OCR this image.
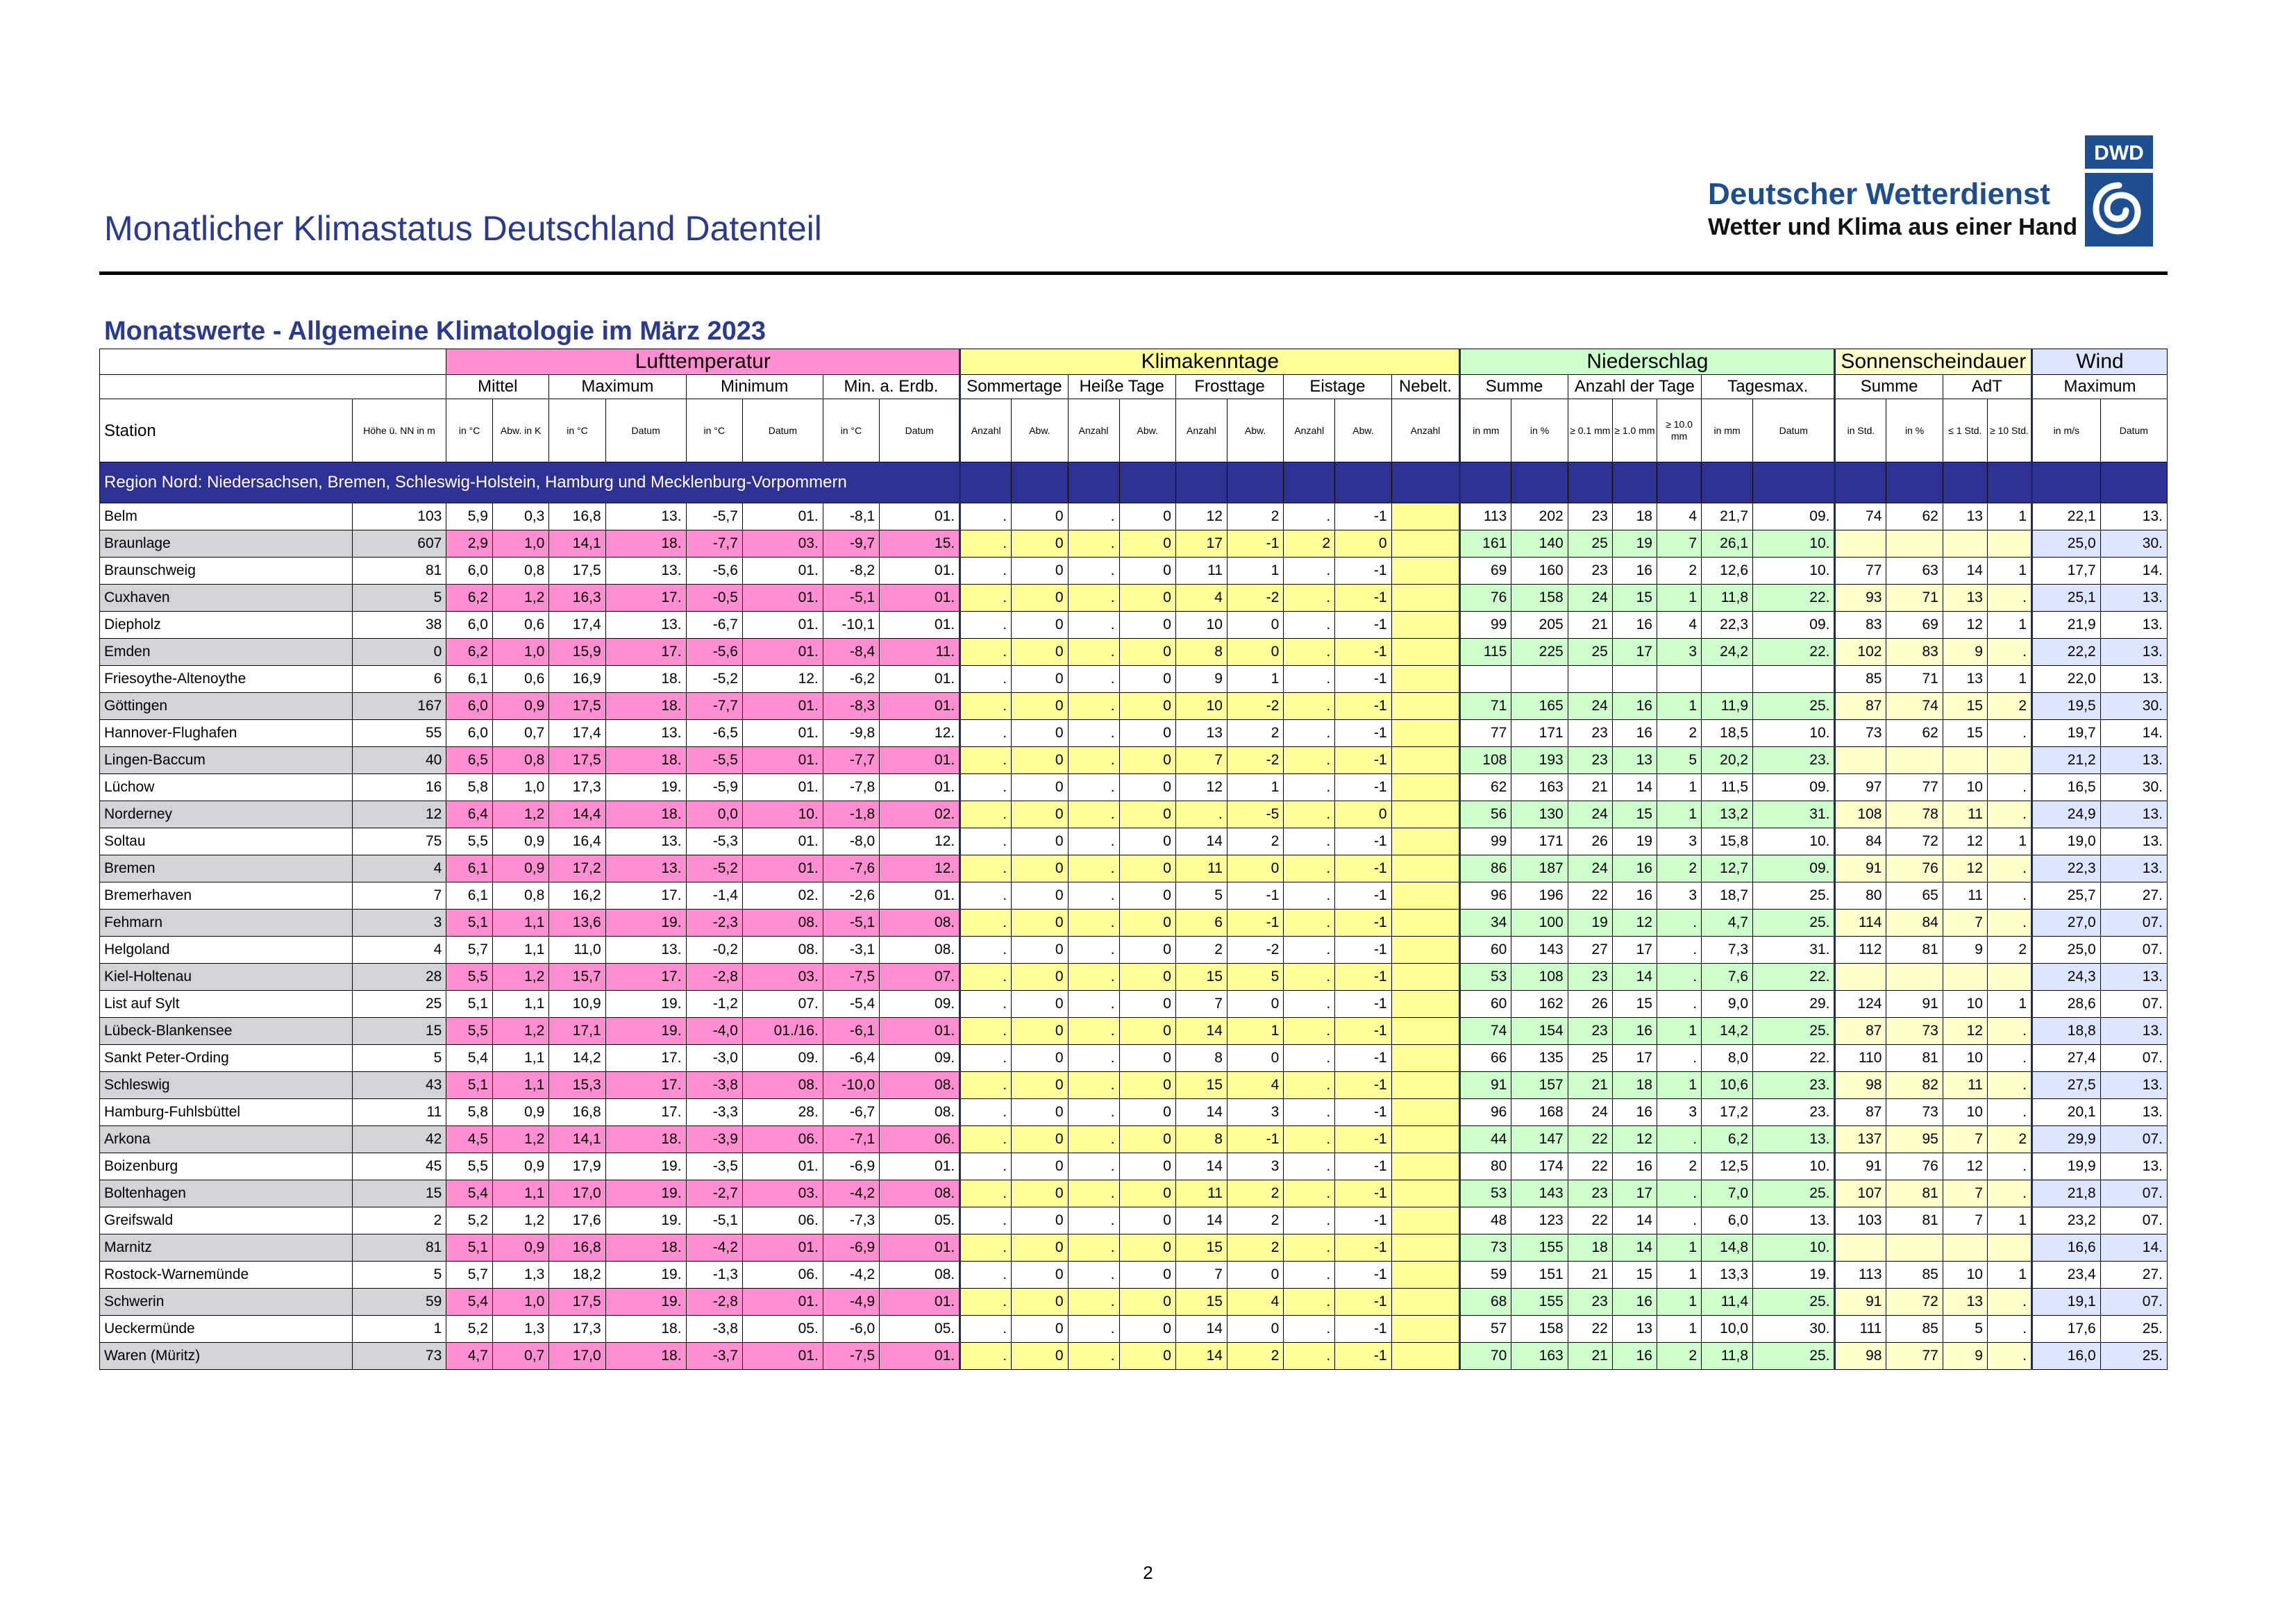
Monatlicher Klimastatus Deutschland Datenteil
Deutscher Wetterdienst
Wetter und Klima aus einer Hand
DWD
Monatswerte - Allgemeine Klimatologie im März 2023
		Lufttemperatur								Klimakenntage									Niederschlag							Sonnenscheindauer				Wind	
		Mittel		Maximum		Minimum		Min. a. Erdb.		Sommertage		Heiße Tage		Frosttage		Eistage		Nebelt.	Summe		Anzahl der Tage			Tagesmax.		Summe		AdT		Maximum	
Station	Höhe ü. NN in m	in °C	Abw. in K	in °C	Datum	in °C	Datum	in °C	Datum	Anzahl	Abw.	Anzahl	Abw.	Anzahl	Abw.	Anzahl	Abw.	Anzahl	in mm	in %	≥ 0.1 mm	≥ 1.0 mm	≥ 10.0 mm	in mm	Datum	in Std.	in %	≤ 1 Std.	≥ 10 Std.	in m/s	Datum
Region Nord: Niedersachsen, Bremen, Schleswig-Holstein, Hamburg und Mecklenburg-Vorpommern																															
Belm	103	5,9	0,3	16,8	13.	-5,7	01.	-8,1	01.	.	0	.	0	12	2	.	-1		113	202	23	18	4	21,7	09.	74	62	13	1	22,1	13.
Braunlage	607	2,9	1,0	14,1	18.	-7,7	03.	-9,7	15.	.	0	.	0	17	-1	2	0		161	140	25	19	7	26,1	10.					25,0	30.
Braunschweig	81	6,0	0,8	17,5	13.	-5,6	01.	-8,2	01.	.	0	.	0	11	1	.	-1		69	160	23	16	2	12,6	10.	77	63	14	1	17,7	14.
Cuxhaven	5	6,2	1,2	16,3	17.	-0,5	01.	-5,1	01.	.	0	.	0	4	-2	.	-1		76	158	24	15	1	11,8	22.	93	71	13	.	25,1	13.
Diepholz	38	6,0	0,6	17,4	13.	-6,7	01.	-10,1	01.	.	0	.	0	10	0	.	-1		99	205	21	16	4	22,3	09.	83	69	12	1	21,9	13.
Emden	0	6,2	1,0	15,9	17.	-5,6	01.	-8,4	11.	.	0	.	0	8	0	.	-1		115	225	25	17	3	24,2	22.	102	83	9	.	22,2	13.
Friesoythe-Altenoythe	6	6,1	0,6	16,9	18.	-5,2	12.	-6,2	01.	.	0	.	0	9	1	.	-1									85	71	13	1	22,0	13.
Göttingen	167	6,0	0,9	17,5	18.	-7,7	01.	-8,3	01.	.	0	.	0	10	-2	.	-1		71	165	24	16	1	11,9	25.	87	74	15	2	19,5	30.
Hannover-Flughafen	55	6,0	0,7	17,4	13.	-6,5	01.	-9,8	12.	.	0	.	0	13	2	.	-1		77	171	23	16	2	18,5	10.	73	62	15	.	19,7	14.
Lingen-Baccum	40	6,5	0,8	17,5	18.	-5,5	01.	-7,7	01.	.	0	.	0	7	-2	.	-1		108	193	23	13	5	20,2	23.					21,2	13.
Lüchow	16	5,8	1,0	17,3	19.	-5,9	01.	-7,8	01.	.	0	.	0	12	1	.	-1		62	163	21	14	1	11,5	09.	97	77	10	.	16,5	30.
Norderney	12	6,4	1,2	14,4	18.	0,0	10.	-1,8	02.	.	0	.	0	.	-5	.	0		56	130	24	15	1	13,2	31.	108	78	11	.	24,9	13.
Soltau	75	5,5	0,9	16,4	13.	-5,3	01.	-8,0	12.	.	0	.	0	14	2	.	-1		99	171	26	19	3	15,8	10.	84	72	12	1	19,0	13.
Bremen	4	6,1	0,9	17,2	13.	-5,2	01.	-7,6	12.	.	0	.	0	11	0	.	-1		86	187	24	16	2	12,7	09.	91	76	12	.	22,3	13.
Bremerhaven	7	6,1	0,8	16,2	17.	-1,4	02.	-2,6	01.	.	0	.	0	5	-1	.	-1		96	196	22	16	3	18,7	25.	80	65	11	.	25,7	27.
Fehmarn	3	5,1	1,1	13,6	19.	-2,3	08.	-5,1	08.	.	0	.	0	6	-1	.	-1		34	100	19	12	.	4,7	25.	114	84	7	.	27,0	07.
Helgoland	4	5,7	1,1	11,0	13.	-0,2	08.	-3,1	08.	.	0	.	0	2	-2	.	-1		60	143	27	17	.	7,3	31.	112	81	9	2	25,0	07.
Kiel-Holtenau	28	5,5	1,2	15,7	17.	-2,8	03.	-7,5	07.	.	0	.	0	15	5	.	-1		53	108	23	14	.	7,6	22.					24,3	13.
List auf Sylt	25	5,1	1,1	10,9	19.	-1,2	07.	-5,4	09.	.	0	.	0	7	0	.	-1		60	162	26	15	.	9,0	29.	124	91	10	1	28,6	07.
Lübeck-Blankensee	15	5,5	1,2	17,1	19.	-4,0	01./16.	-6,1	01.	.	0	.	0	14	1	.	-1		74	154	23	16	1	14,2	25.	87	73	12	.	18,8	13.
Sankt Peter-Ording	5	5,4	1,1	14,2	17.	-3,0	09.	-6,4	09.	.	0	.	0	8	0	.	-1		66	135	25	17	.	8,0	22.	110	81	10	.	27,4	07.
Schleswig	43	5,1	1,1	15,3	17.	-3,8	08.	-10,0	08.	.	0	.	0	15	4	.	-1		91	157	21	18	1	10,6	23.	98	82	11	.	27,5	13.
Hamburg-Fuhlsbüttel	11	5,8	0,9	16,8	17.	-3,3	28.	-6,7	08.	.	0	.	0	14	3	.	-1		96	168	24	16	3	17,2	23.	87	73	10	.	20,1	13.
Arkona	42	4,5	1,2	14,1	18.	-3,9	06.	-7,1	06.	.	0	.	0	8	-1	.	-1		44	147	22	12	.	6,2	13.	137	95	7	2	29,9	07.
Boizenburg	45	5,5	0,9	17,9	19.	-3,5	01.	-6,9	01.	.	0	.	0	14	3	.	-1		80	174	22	16	2	12,5	10.	91	76	12	.	19,9	13.
Boltenhagen	15	5,4	1,1	17,0	19.	-2,7	03.	-4,2	08.	.	0	.	0	11	2	.	-1		53	143	23	17	.	7,0	25.	107	81	7	.	21,8	07.
Greifswald	2	5,2	1,2	17,6	19.	-5,1	06.	-7,3	05.	.	0	.	0	14	2	.	-1		48	123	22	14	.	6,0	13.	103	81	7	1	23,2	07.
Marnitz	81	5,1	0,9	16,8	18.	-4,2	01.	-6,9	01.	.	0	.	0	15	2	.	-1		73	155	18	14	1	14,8	10.					16,6	14.
Rostock-Warnemünde	5	5,7	1,3	18,2	19.	-1,3	06.	-4,2	08.	.	0	.	0	7	0	.	-1		59	151	21	15	1	13,3	19.	113	85	10	1	23,4	27.
Schwerin	59	5,4	1,0	17,5	19.	-2,8	01.	-4,9	01.	.	0	.	0	15	4	.	-1		68	155	23	16	1	11,4	25.	91	72	13	.	19,1	07.
Ueckermünde	1	5,2	1,3	17,3	18.	-3,8	05.	-6,0	05.	.	0	.	0	14	0	.	-1		57	158	22	13	1	10,0	30.	111	85	5	.	17,6	25.
Waren (Müritz)	73	4,7	0,7	17,0	18.	-3,7	01.	-7,5	01.	.	0	.	0	14	2	.	-1		70	163	21	16	2	11,8	25.	98	77	9	.	16,0	25.
2
